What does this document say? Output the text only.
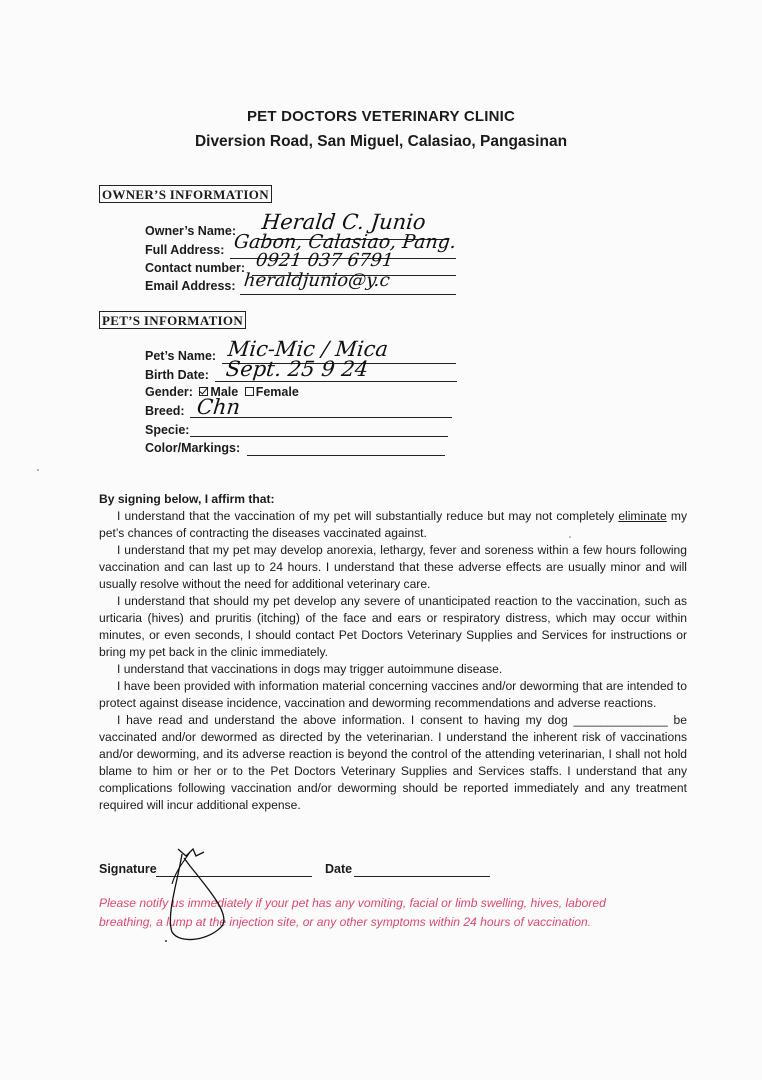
PET DOCTORS VETERINARY CLINIC
Diversion Road, San Miguel, Calasiao, Pangasinan
OWNER’S INFORMATION
Owner’s Name: Herald C. Junio
Full Address: Gabon, Calasiao, Pang.
Contact number: 0921 037 6791
Email Address: heraldjunio@y.c
PET’S INFORMATION
Pet’s Name: Mic-Mic / Mica
Birth Date: Sept. 25 9 24
Gender: Male Female
Breed: Chn
Specie:
Color/Markings:
By signing below, I affirm that:

I understand that the vaccination of my pet will substantially reduce but may not completely eliminate my pet’s chances of contracting the diseases vaccinated against.

I understand that my pet may develop anorexia, lethargy, fever and soreness within a few hours following vaccination and can last up to 24 hours. I understand that these adverse effects are usually minor and will usually resolve without the need for additional veterinary care.

I understand that should my pet develop any severe of unanticipated reaction to the vaccination, such as urticaria (hives) and pruritis (itching) of the face and ears or respiratory distress, which may occur within minutes, or even seconds, I should contact Pet Doctors Veterinary Supplies and Services for instructions or bring my pet back in the clinic immediately.

I understand that vaccinations in dogs may trigger autoimmune disease.

I have been provided with information material concerning vaccines and/or deworming that are intended to protect against disease incidence, vaccination and deworming recommendations and adverse reactions.

I have read and understand the above information. I consent to having my dog ______________ be vaccinated and/or dewormed as directed by the veterinarian. I understand the inherent risk of vaccinations and/or deworming, and its adverse reaction is beyond the control of the attending veterinarian, I shall not hold blame to him or her or to the Pet Doctors Veterinary Supplies and Services staffs. I understand that any complications following vaccination and/or deworming should be reported immediately and any treatment required will incur additional expense.

Signature	Date
Please notify us immediately if your pet has any vomiting, facial or limb swelling, hives, labored breathing, a lump at the injection site, or any other symptoms within 24 hours of vaccination.
